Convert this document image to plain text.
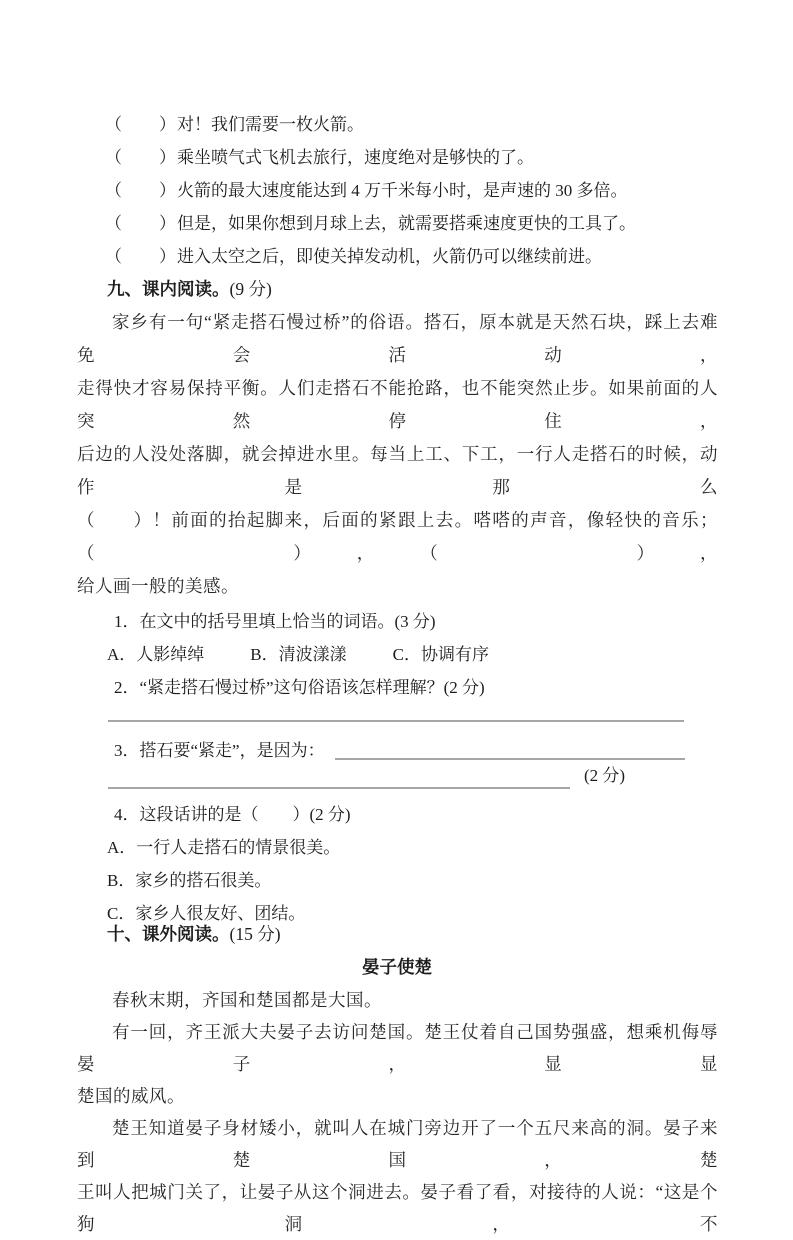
（　　）对！我们需要一枚火箭。
（　　）乘坐喷气式飞机去旅行，速度绝对是够快的了。
（　　）火箭的最大速度能达到 4 万千米每小时，是声速的 30 多倍。
（　　）但是，如果你想到月球上去，就需要搭乘速度更快的工具了。
（　　）进入太空之后，即使关掉发动机，火箭仍可以继续前进。
九、课内阅读。(9 分)
家乡有一句“紧走搭石慢过桥”的俗语。搭石，原本就是天然石块，踩上去难免会活动，
走得快才容易保持平衡。人们走搭石不能抢路，也不能突然止步。如果前面的人突然停住，
后边的人没处落脚，就会掉进水里。每当上工、下工，一行人走搭石的时候，动作是那么
（　　）！前面的抬起脚来，后面的紧跟上去。嗒嗒的声音，像轻快的音乐；（　　），（　　），
给人画一般的美感。
1．在文中的括号里填上恰当的词语。(3 分)
A．人影绰绰	B．清波漾漾	C．协调有序
2．“紧走搭石慢过桥”这句俗语该怎样理解？(2 分)
3．搭石要“紧走”，是因为：
(2 分)
4．这段话讲的是（　　）(2 分)
A．一行人走搭石的情景很美。
B．家乡的搭石很美。
C．家乡人很友好、团结。
十、课外阅读。(15 分)
晏子使楚
春秋末期，齐国和楚国都是大国。
有一回，齐王派大夫晏子去访问楚国。楚王仗着自己国势强盛，想乘机侮辱晏子，显显
楚国的威风。
楚王知道晏子身材矮小，就叫人在城门旁边开了一个五尺来高的洞。晏子来到楚国，楚
王叫人把城门关了，让晏子从这个洞进去。晏子看了看，对接待的人说：“这是个狗洞，不
